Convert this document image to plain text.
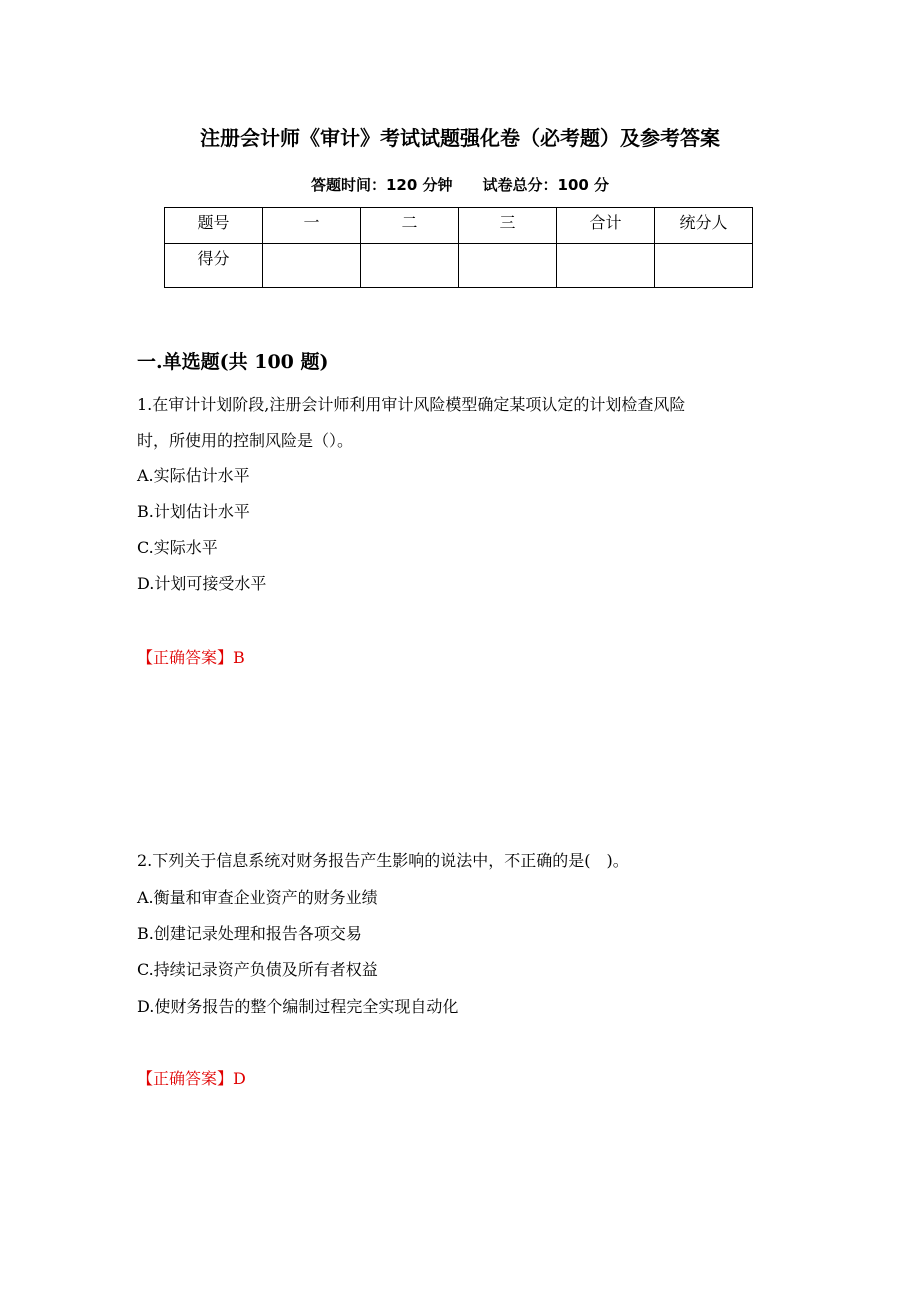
注册会计师《审计》考试试题强化卷（必考题）及参考答案
答题时间：120 分钟 试卷总分：100 分
题号	一	二	三	合计	统分人
得分					
一.单选题(共 100 题)
1.在审计计划阶段,注册会计师利用审计风险模型确定某项认定的计划检查风险
时，所使用的控制风险是（）。
A.实际估计水平
B.计划估计水平
C.实际水平
D.计划可接受水平
【正确答案】B
2.下列关于信息系统对财务报告产生影响的说法中，不正确的是(　)。
A.衡量和审查企业资产的财务业绩
B.创建记录处理和报告各项交易
C.持续记录资产负债及所有者权益
D.使财务报告的整个编制过程完全实现自动化
【正确答案】D
